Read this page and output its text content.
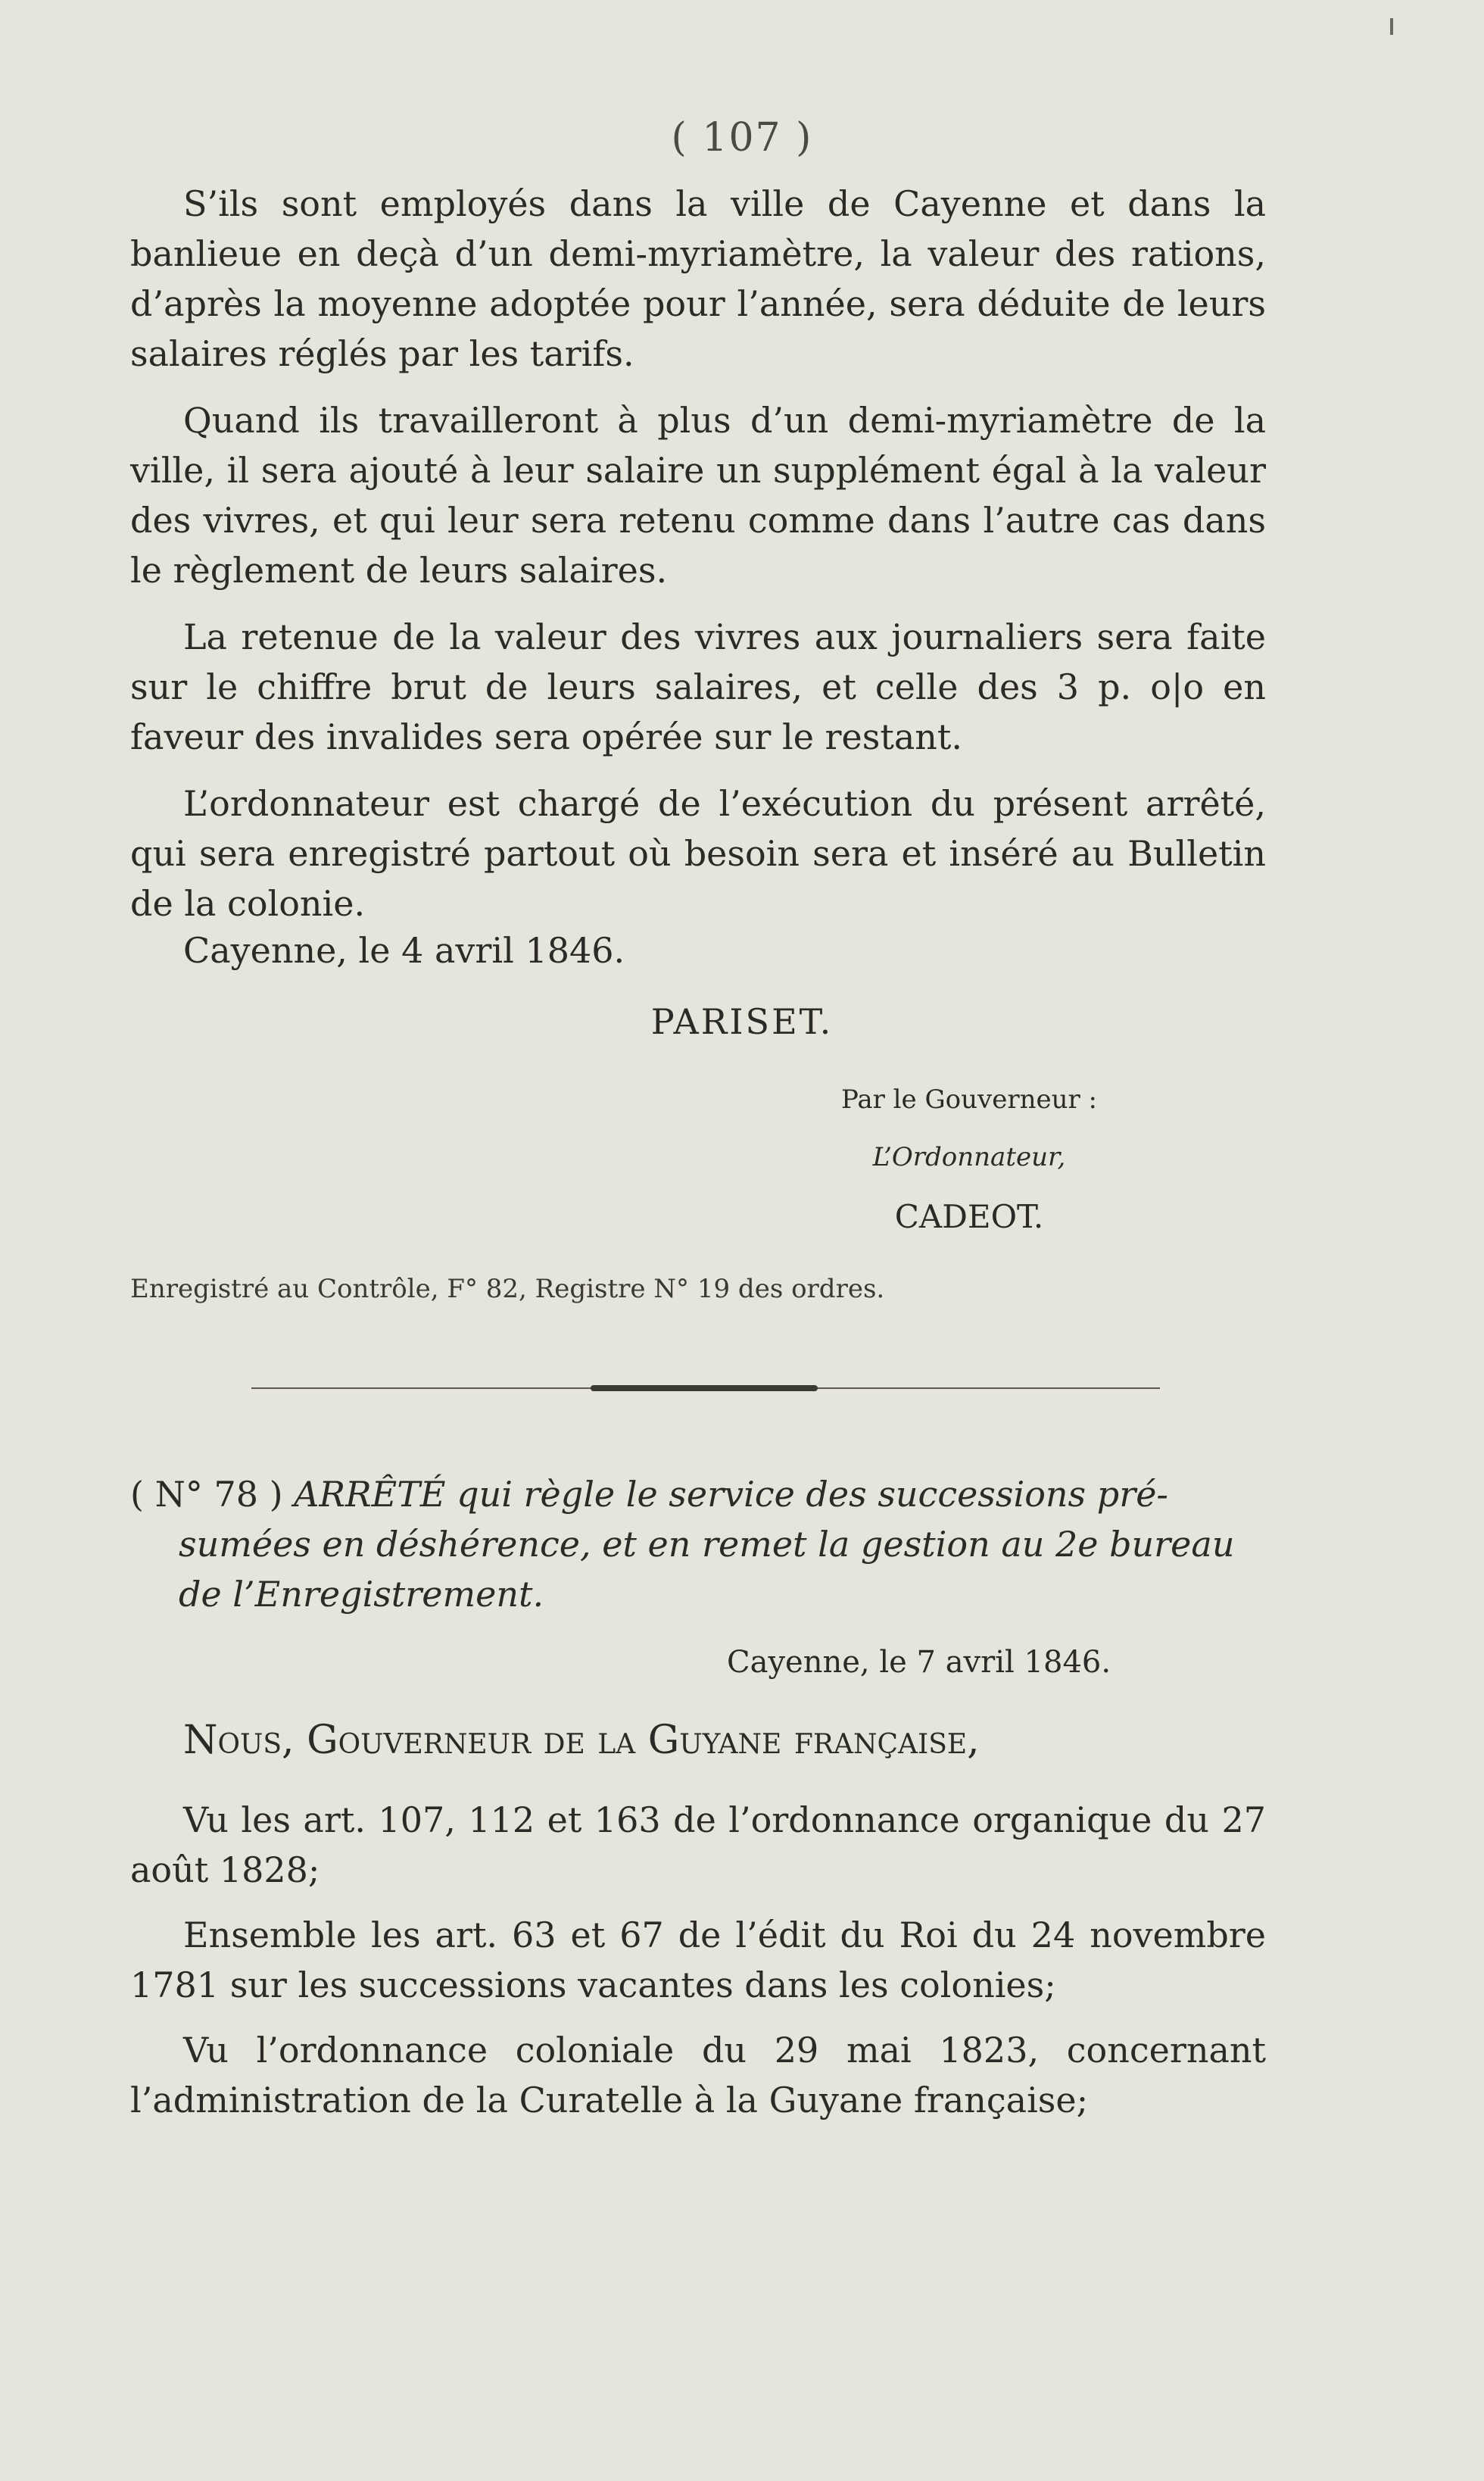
( 107 )

S’ils sont employés dans la ville de Cayenne et dans la banlieue en deçà d’un demi-myriamètre, la valeur des rations, d’après la moyenne adoptée pour l’année, sera déduite de leurs salaires réglés par les tarifs.

Quand ils travailleront à plus d’un demi-myriamètre de la ville, il sera ajouté à leur salaire un supplément égal à la valeur des vivres, et qui leur sera retenu comme dans l’autre cas dans le règlement de leurs salaires.

La retenue de la valeur des vivres aux journaliers sera faite sur le chiffre brut de leurs salaires, et celle des 3 p. o|o en faveur des invalides sera opérée sur le restant.

L’ordonnateur est chargé de l’exécution du présent arrêté, qui sera enregistré partout où besoin sera et inséré au Bulletin de la colonie.

Cayenne, le 4 avril 1846.
PARISET.
Par le Gouverneur :
L’Ordonnateur,
CADEOT.
Enregistré au Contrôle, F° 82, Registre N° 19 des ordres.
( N° 78 ) ARRÊTÉ qui règle le service des successions pré-
sumées en déshérence, et en remet la gestion au 2e bureau
de l’Enregistrement.
Cayenne, le 7 avril 1846.
Nous, Gouverneur de la Guyane française,

Vu les art. 107, 112 et 163 de l’ordonnance organique du 27 août 1828;

Ensemble les art. 63 et 67 de l’édit du Roi du 24 novembre 1781 sur les successions vacantes dans les colonies;

Vu l’ordonnance coloniale du 29 mai 1823, concernant l’administration de la Curatelle à la Guyane française;
